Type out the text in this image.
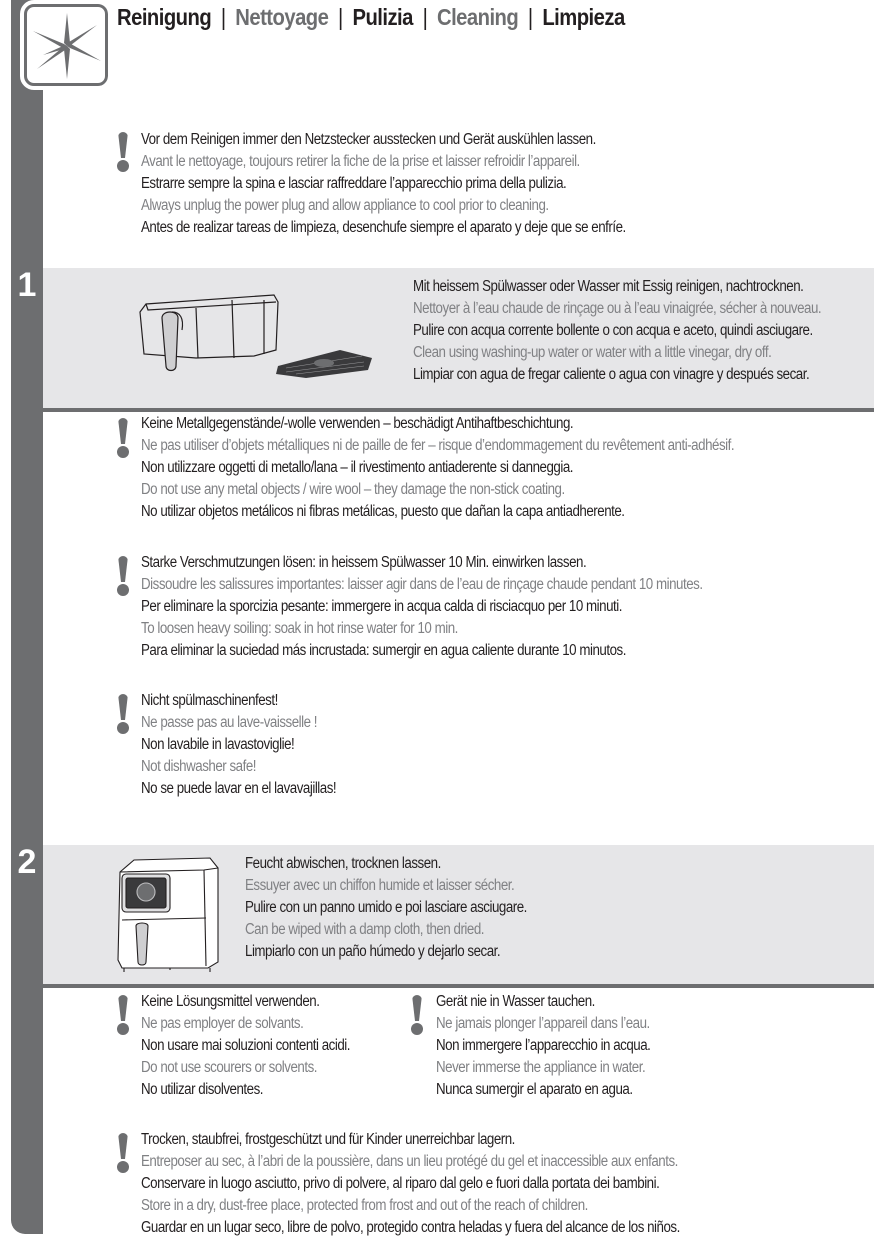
Reinigung | Nettoyage | Pulizia | Cleaning | Limpieza
Vor dem Reinigen immer den Netzstecker ausstecken und Gerät auskühlen lassen.
Avant le nettoyage, toujours retirer la fiche de la prise et laisser refroidir l’appareil.
Estrarre sempre la spina e lasciar raffreddare l’apparecchio prima della pulizia.
Always unplug the power plug and allow appliance to cool prior to cleaning.
Antes de realizar tareas de limpieza, desenchufe siempre el aparato y deje que se enfríe.
1	Mit heissem Spülwasser oder Wasser mit Essig reinigen, nachtrocknen.
Nettoyer à l’eau chaude de rinçage ou à l’eau vinaigrée, sécher à nouveau.
Pulire con acqua corrente bollente o con acqua e aceto, quindi asciugare.
Clean using washing-up water or water with a little vinegar, dry off.
Limpiar con agua de fregar caliente o agua con vinagre y después secar.
Keine Metallgegenstände/-wolle verwenden – beschädigt Antihaftbeschichtung.
Ne pas utiliser d’objets métalliques ni de paille de fer – risque d’endommagement du revêtement anti-adhésif.
Non utilizzare oggetti di metallo/lana – il rivestimento antiaderente si danneggia.
Do not use any metal objects / wire wool – they damage the non-stick coating.
No utilizar objetos metálicos ni fibras metálicas, puesto que dañan la capa antiadherente.
Starke Verschmutzungen lösen: in heissem Spülwasser 10 Min. einwirken lassen.
Dissoudre les salissures importantes: laisser agir dans de l’eau de rinçage chaude pendant 10 minutes.
Per eliminare la sporcizia pesante: immergere in acqua calda di risciacquo per 10 minuti.
To loosen heavy soiling: soak in hot rinse water for 10 min.
Para eliminar la suciedad más incrustada: sumergir en agua caliente durante 10 minutos.
Nicht spülmaschinenfest!
Ne passe pas au lave-vaisselle !
Non lavabile in lavastoviglie!
Not dishwasher safe!
No se puede lavar en el lavavajillas!
2	Feucht abwischen, trocknen lassen.
Essuyer avec un chiffon humide et laisser sécher.
Pulire con un panno umido e poi lasciare asciugare.
Can be wiped with a damp cloth, then dried.
Limpiarlo con un paño húmedo y dejarlo secar.
Keine Lösungsmittel verwenden.
Ne pas employer de solvants.
Non usare mai soluzioni contenti acidi.
Do not use scourers or solvents.
No utilizar disolventes.
Gerät nie in Wasser tauchen.
Ne jamais plonger l’appareil dans l’eau.
Non immergere l’apparecchio in acqua.
Never immerse the appliance in water.
Nunca sumergir el aparato en agua.
Trocken, staubfrei, frostgeschützt und für Kinder unerreichbar lagern.
Entreposer au sec, à l’abri de la poussière, dans un lieu protégé du gel et inaccessible aux enfants.
Conservare in luogo asciutto, privo di polvere, al riparo dal gelo e fuori dalla portata dei bambini.
Store in a dry, dust-free place, protected from frost and out of the reach of children.
Guardar en un lugar seco, libre de polvo, protegido contra heladas y fuera del alcance de los niños.
